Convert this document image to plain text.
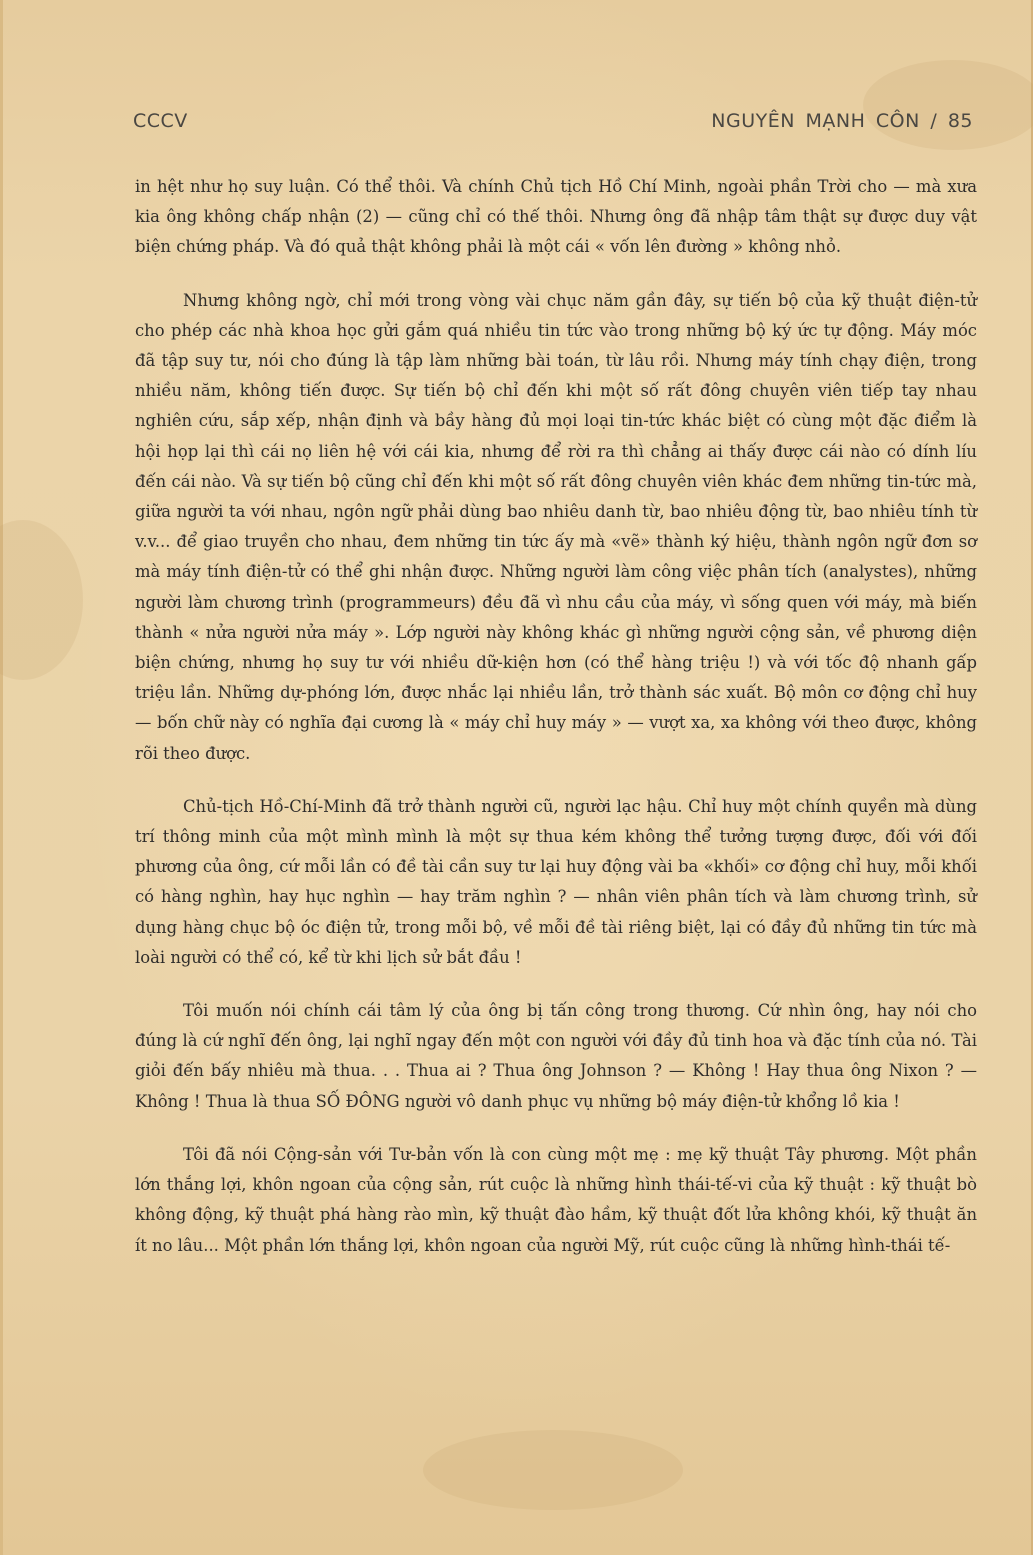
CCCV	NGUYÊN MẠNH CÔN / 85

in hệt như họ suy luận. Có thể thôi. Và chính Chủ tịch Hồ Chí Minh, ngoài phần Trời cho — mà xưa kia ông không chấp nhận (2) — cũng chỉ có thế thôi. Nhưng ông đã nhập tâm thật sự được duy vật biện chứng pháp. Và đó quả thật không phải là một cái « vốn lên đường » không nhỏ.

Nhưng không ngờ, chỉ mới trong vòng vài chục năm gần đây, sự tiến bộ của kỹ thuật điện-tử cho phép các nhà khoa học gửi gắm quá nhiều tin tức vào trong những bộ ký ức tự động. Máy móc đã tập suy tư, nói cho đúng là tập làm những bài toán, từ lâu rồi. Nhưng máy tính chạy điện, trong nhiều năm, không tiến được. Sự tiến bộ chỉ đến khi một số rất đông chuyên viên tiếp tay nhau nghiên cứu, sắp xếp, nhận định và bầy hàng đủ mọi loại tin-tức khác biệt có cùng một đặc điểm là hội họp lại thì cái nọ liên hệ với cái kia, nhưng để rời ra thì chẳng ai thấy được cái nào có dính líu đến cái nào. Và sự tiến bộ cũng chỉ đến khi một số rất đông chuyên viên khác đem những tin-tức mà, giữa người ta với nhau, ngôn ngữ phải dùng bao nhiêu danh từ, bao nhiêu động từ, bao nhiêu tính từ v.v... để giao truyền cho nhau, đem những tin tức ấy mà «vẽ» thành ký hiệu, thành ngôn ngữ đơn sơ mà máy tính điện-tử có thể ghi nhận được. Những người làm công việc phân tích (analystes), những người làm chương trình (programmeurs) đều đã vì nhu cầu của máy, vì sống quen với máy, mà biến thành « nửa người nửa máy ». Lớp người này không khác gì những người cộng sản, về phương diện biện chứng, nhưng họ suy tư với nhiều dữ-kiện hơn (có thể hàng triệu !) và với tốc độ nhanh gấp triệu lần. Những dự-phóng lớn, được nhắc lại nhiều lần, trở thành sác xuất. Bộ môn cơ động chỉ huy — bốn chữ này có nghĩa đại cương là « máy chỉ huy máy » — vượt xa, xa không với theo được, không rõi theo được.

Chủ-tịch Hồ-Chí-Minh đã trở thành người cũ, người lạc hậu. Chỉ huy một chính quyền mà dùng trí thông minh của một mình mình là một sự thua kém không thể tưởng tượng được, đối với đối phương của ông, cứ mỗi lần có đề tài cần suy tư lại huy động vài ba «khối» cơ động chỉ huy, mỗi khối có hàng nghìn, hay hục nghìn — hay trăm nghìn ? — nhân viên phân tích và làm chương trình, sử dụng hàng chục bộ óc điện tử, trong mỗi bộ, về mỗi đề tài riêng biệt, lại có đầy đủ những tin tức mà loài người có thể có, kể từ khi lịch sử bắt đầu !

Tôi muốn nói chính cái tâm lý của ông bị tấn công trong thương. Cứ nhìn ông, hay nói cho đúng là cứ nghĩ đến ông, lại nghĩ ngay đến một con người với đầy đủ tinh hoa và đặc tính của nó. Tài giỏi đến bấy nhiêu mà thua. . . Thua ai ? Thua ông Johnson ? — Không ! Hay thua ông Nixon ? — Không ! Thua là thua SỐ ĐÔNG người vô danh phục vụ những bộ máy điện-tử khổng lồ kia !

Tôi đã nói Cộng-sản với Tư-bản vốn là con cùng một mẹ : mẹ kỹ thuật Tây phương. Một phần lớn thắng lợi, khôn ngoan của cộng sản, rút cuộc là những hình thái-tế-vi của kỹ thuật : kỹ thuật bò không động, kỹ thuật phá hàng rào mìn, kỹ thuật đào hầm, kỹ thuật đốt lửa không khói, kỹ thuật ăn ít no lâu... Một phần lớn thắng lợi, khôn ngoan của người Mỹ, rút cuộc cũng là những hình-thái tế-
